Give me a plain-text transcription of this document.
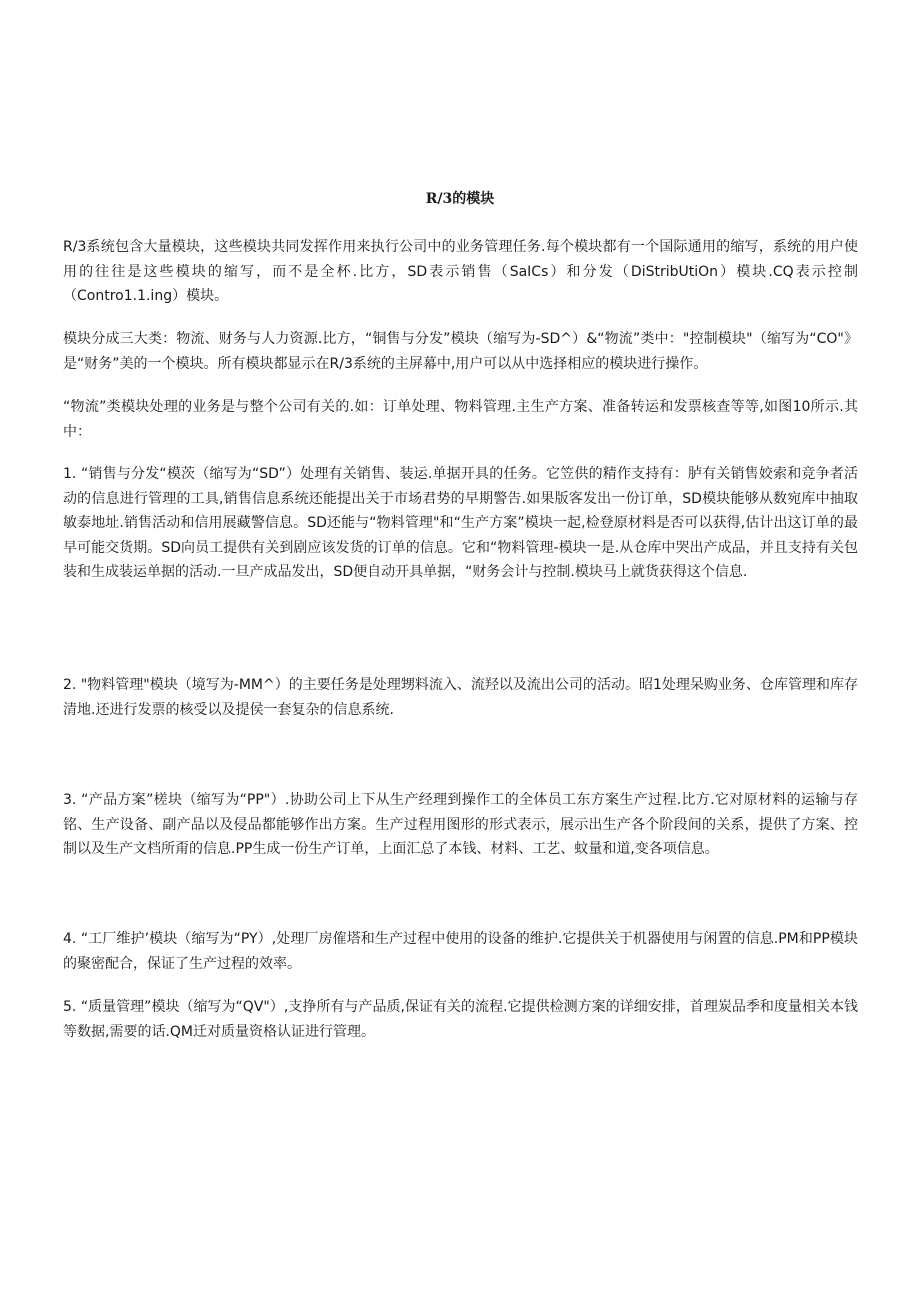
R/3的模块

R/3系统包含大量模块，这些模块共同发挥作用来执行公司中的业务管理任务.每个模块都有一个国际通用的缩写，系统的用户使用的往往是这些模块的缩写，而不是全杯.比方，SD表示销售（SaICs）和分发（DiStribUtiOn）模块.CQ表示控制（Contro1.1.ing）模块。

模块分成三大类：物流、财务与人力资源.比方，“铜售与分发”模块（缩写为-SD^）&“物流”类中："控制模块"（缩写为“CO"》是“财务”美的一个模块。所有模块都显示在R/3系统的主屏幕中,用户可以从中选择相应的模块进行操作。

“物流”类模块处理的业务是与整个公司有关的.如：订单处理、物料管理.主生产方案、准备转运和发票核查等等,如图10所示.其中：

1. “销售与分发“模茨（缩写为“SD”）处理有关销售、装运.单据开具的任务。它笠供的精作支持有：胪有关销售姣索和竞争者活动的信息进行管理的工具,销售信息系统还能提出关于市场君势的早期警告.如果版客发出一份订单，SD模块能够从数宛库中抽取敏泰地址.销售活动和信用展藏警信息。SD还能与“物料管理"和“生产方案”模块一起,检登原材料是否可以获得,估计出这订单的最早可能交货期。SD向员工提供有关到剧应该发货的订单的信息。它和“物料管理-模块一是.从仓库中哭出产成品，并且支持有关包装和生成装运单据的活动.一旦产成品发出，SD便自动开具单据，“财务会计与控制.模块马上就货获得这个信息.

2. "物料管理"模块（境写为-MM^）的主要任务是处理甥料流入、流羟以及流出公司的活动。昭1处理呆购业务、仓库管理和库存清地.还进行发票的核受以及提侯一套复杂的信息系统.

3. “产品方案”槎块（缩写为“PP"）.协助公司上下从生产经理到操作工的全体员工东方案生产过程.比方.它对原材料的运输与存铭、生产设备、副产品以及侵品都能够作出方案。生产过程用图形的形式表示，展示出生产各个阶段间的关系，提供了方案、控制以及生产文档所甭的信息.PP生成一份生产订单，上面汇总了本钱、材料、工艺、蚊量和道,变各项信息。

4. “工厂维护’模块（缩写为“PY）,处理厂房傕塔和生产过程中使用的设备的维护.它提供关于机器使用与闲置的信息.PM和PP模块的聚密配合，保证了生产过程的效率。

5. “质量管理”模块（缩写为“QV"）,支挣所有与产品质,保证有关的流程.它提供检测方案的详细安排，首理炭品季和度量相关本钱等数据,需要的话.QM迁对质量资格认证进行管理。
